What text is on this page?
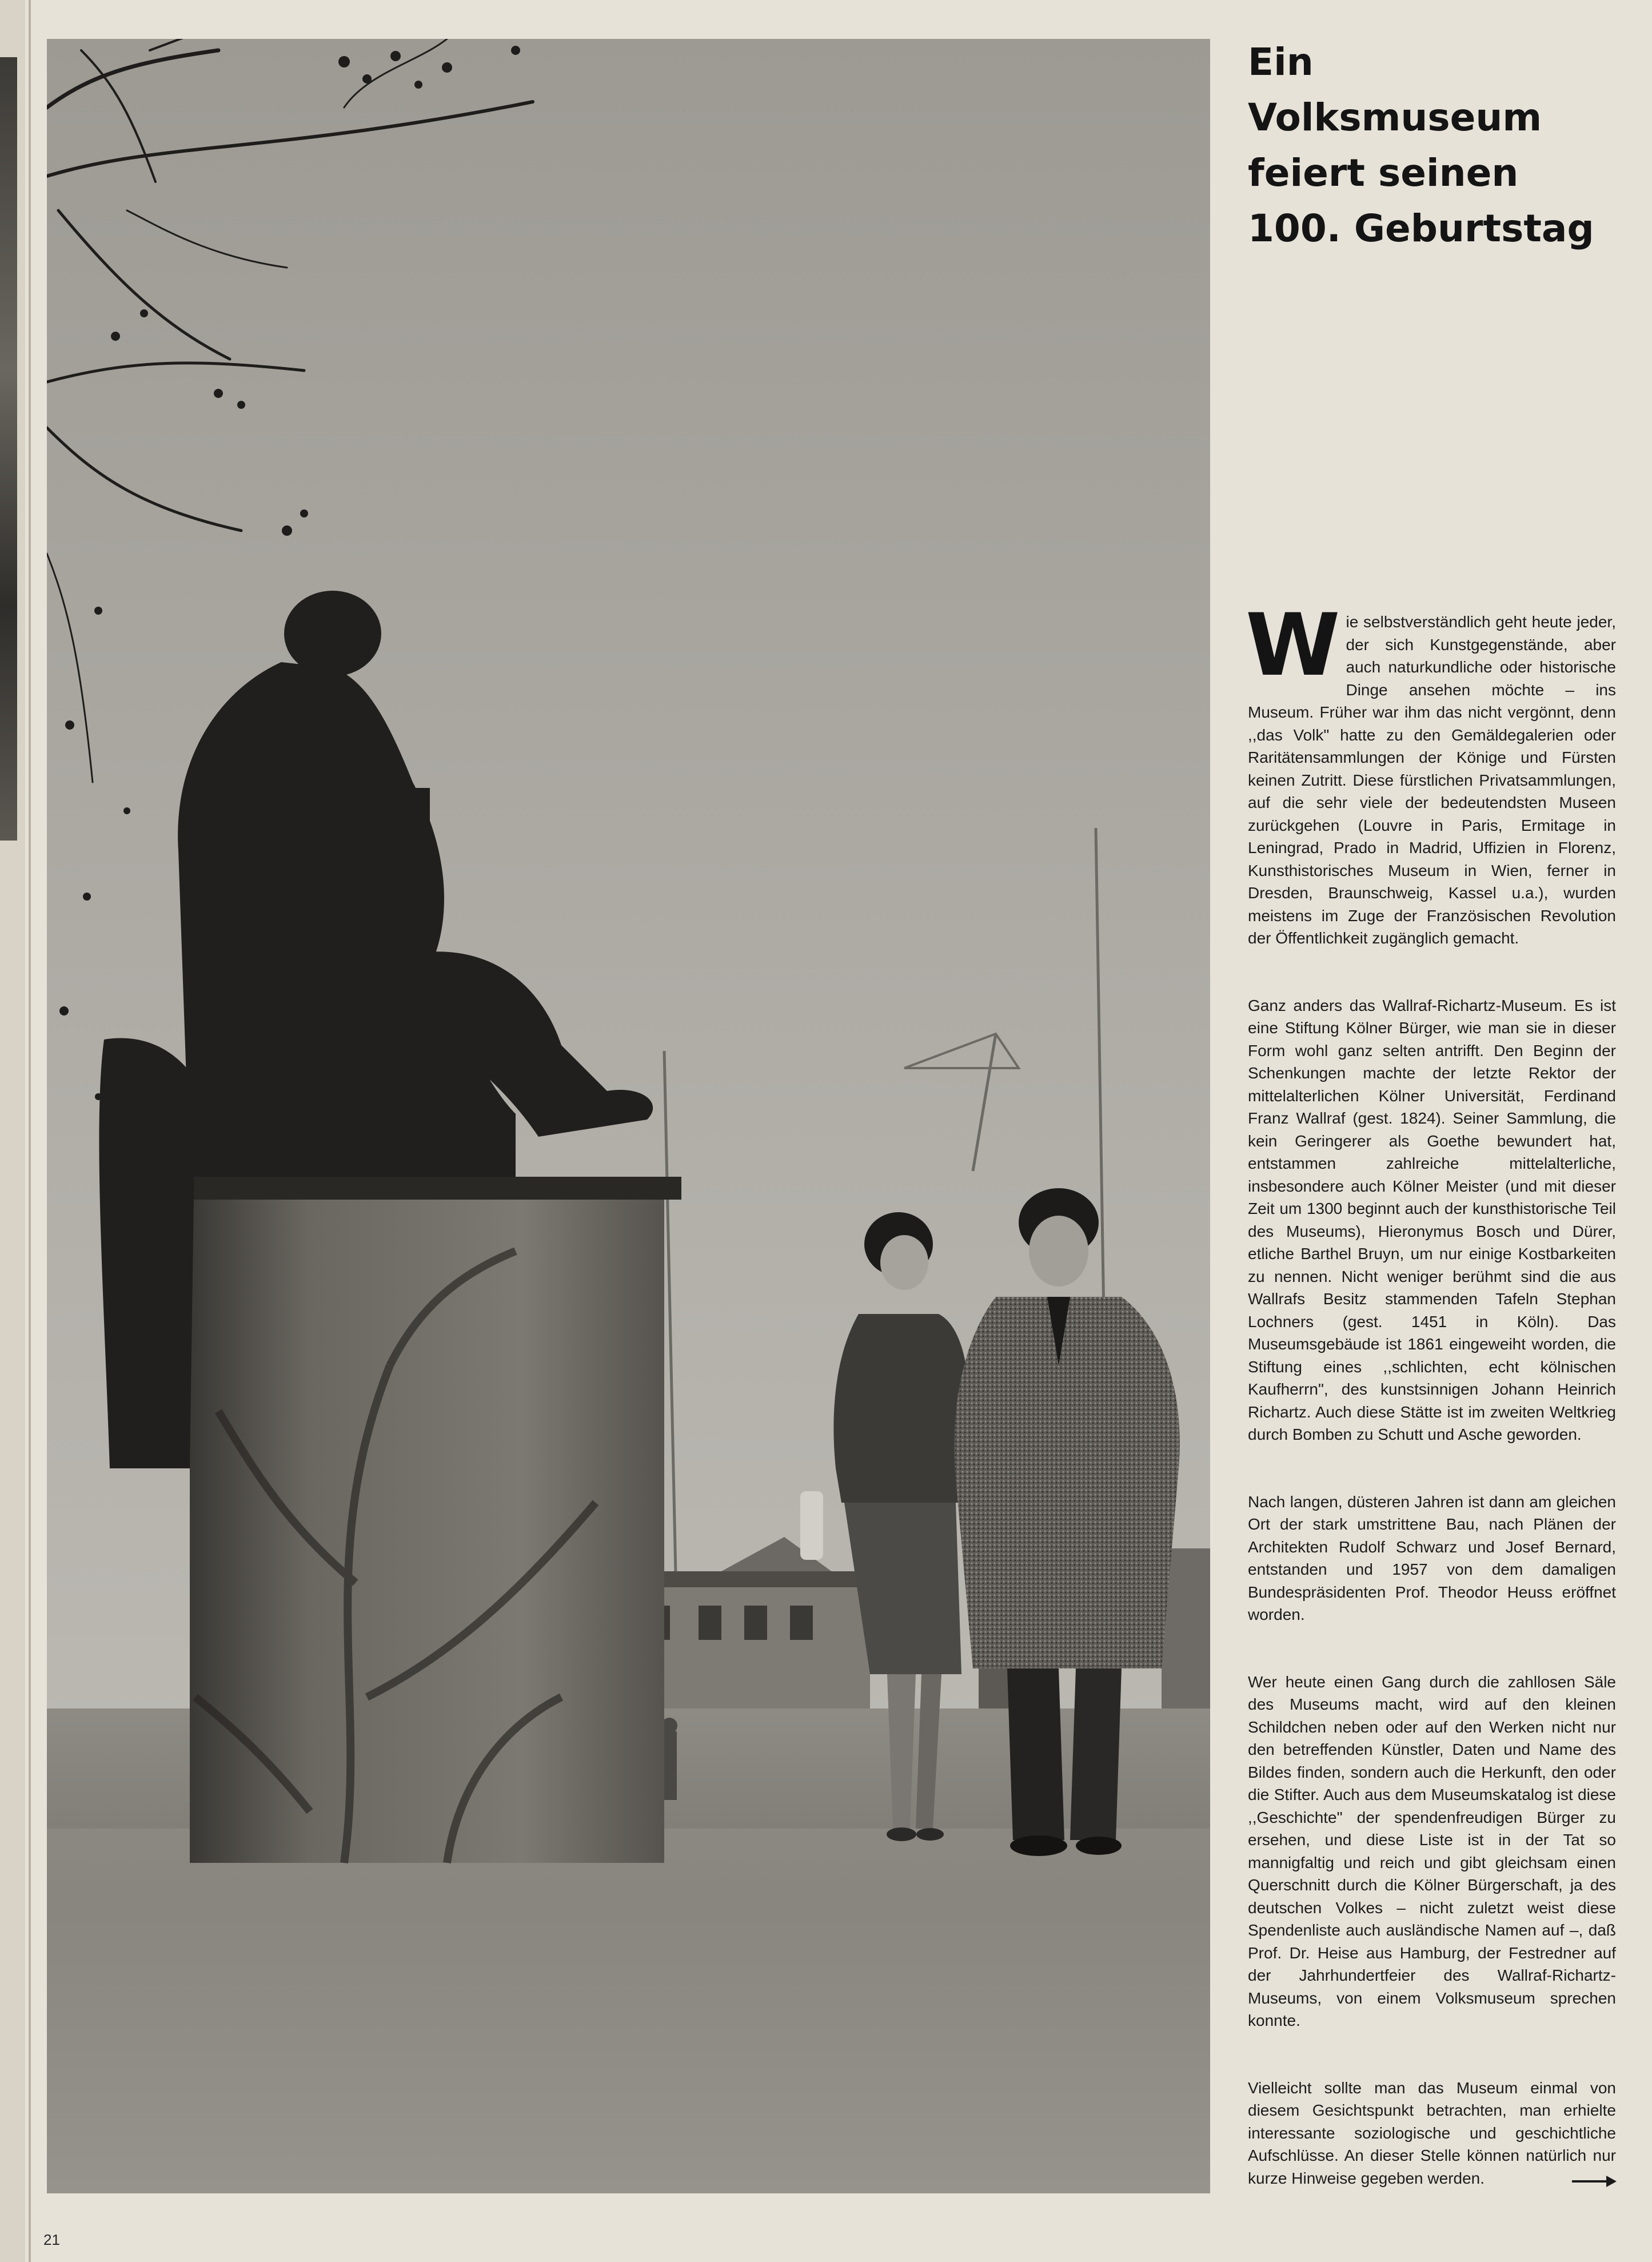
Ein
Volksmuseum
feiert seinen
100. Geburtstag

Wie selbstverständlich geht heute jeder, der sich Kunstgegenstände, aber auch naturkundliche oder historische Dinge ansehen möchte – ins Museum. Früher war ihm das nicht vergönnt, denn ,,das Volk" hatte zu den Gemäldegalerien oder Raritätensammlungen der Könige und Fürsten keinen Zutritt. Diese fürstlichen Privatsammlungen, auf die sehr viele der bedeutendsten Museen zurückgehen (Louvre in Paris, Ermitage in Leningrad, Prado in Madrid, Uffizien in Florenz, Kunsthistorisches Museum in Wien, ferner in Dresden, Braunschweig, Kassel u.a.), wurden meistens im Zuge der Französischen Revolution der Öffentlichkeit zugänglich gemacht.

Ganz anders das Wallraf-Richartz-Museum. Es ist eine Stiftung Kölner Bürger, wie man sie in dieser Form wohl ganz selten antrifft. Den Beginn der Schenkungen machte der letzte Rektor der mittelalterlichen Kölner Universität, Ferdinand Franz Wallraf (gest. 1824). Seiner Sammlung, die kein Geringerer als Goethe bewundert hat, entstammen zahlreiche mittelalterliche, insbesondere auch Kölner Meister (und mit dieser Zeit um 1300 beginnt auch der kunsthistorische Teil des Museums), Hieronymus Bosch und Dürer, etliche Barthel Bruyn, um nur einige Kostbarkeiten zu nennen. Nicht weniger berühmt sind die aus Wallrafs Besitz stammenden Tafeln Stephan Lochners (gest. 1451 in Köln). Das Museumsgebäude ist 1861 eingeweiht worden, die Stiftung eines ,,schlichten, echt kölnischen Kaufherrn", des kunstsinnigen Johann Heinrich Richartz. Auch diese Stätte ist im zweiten Weltkrieg durch Bomben zu Schutt und Asche geworden.

Nach langen, düsteren Jahren ist dann am gleichen Ort der stark umstrittene Bau, nach Plänen der Architekten Rudolf Schwarz und Josef Bernard, entstanden und 1957 von dem damaligen Bundespräsidenten Prof. Theodor Heuss eröffnet worden.

Wer heute einen Gang durch die zahllosen Säle des Museums macht, wird auf den kleinen Schildchen neben oder auf den Werken nicht nur den betreffenden Künstler, Daten und Name des Bildes finden, sondern auch die Herkunft, den oder die Stifter. Auch aus dem Museumskatalog ist diese ,,Geschichte" der spendenfreudigen Bürger zu ersehen, und diese Liste ist in der Tat so mannigfaltig und reich und gibt gleichsam einen Querschnitt durch die Kölner Bürgerschaft, ja des deutschen Volkes – nicht zuletzt weist diese Spendenliste auch ausländische Namen auf –, daß Prof. Dr. Heise aus Hamburg, der Festredner auf der Jahrhundertfeier des Wallraf-Richartz-Museums, von einem Volksmuseum sprechen konnte.

Vielleicht sollte man das Museum einmal von diesem Gesichtspunkt betrachten, man erhielte interessante soziologische und geschichtliche Aufschlüsse. An dieser Stelle können natürlich nur kurze Hinweise gegeben werden.

21
